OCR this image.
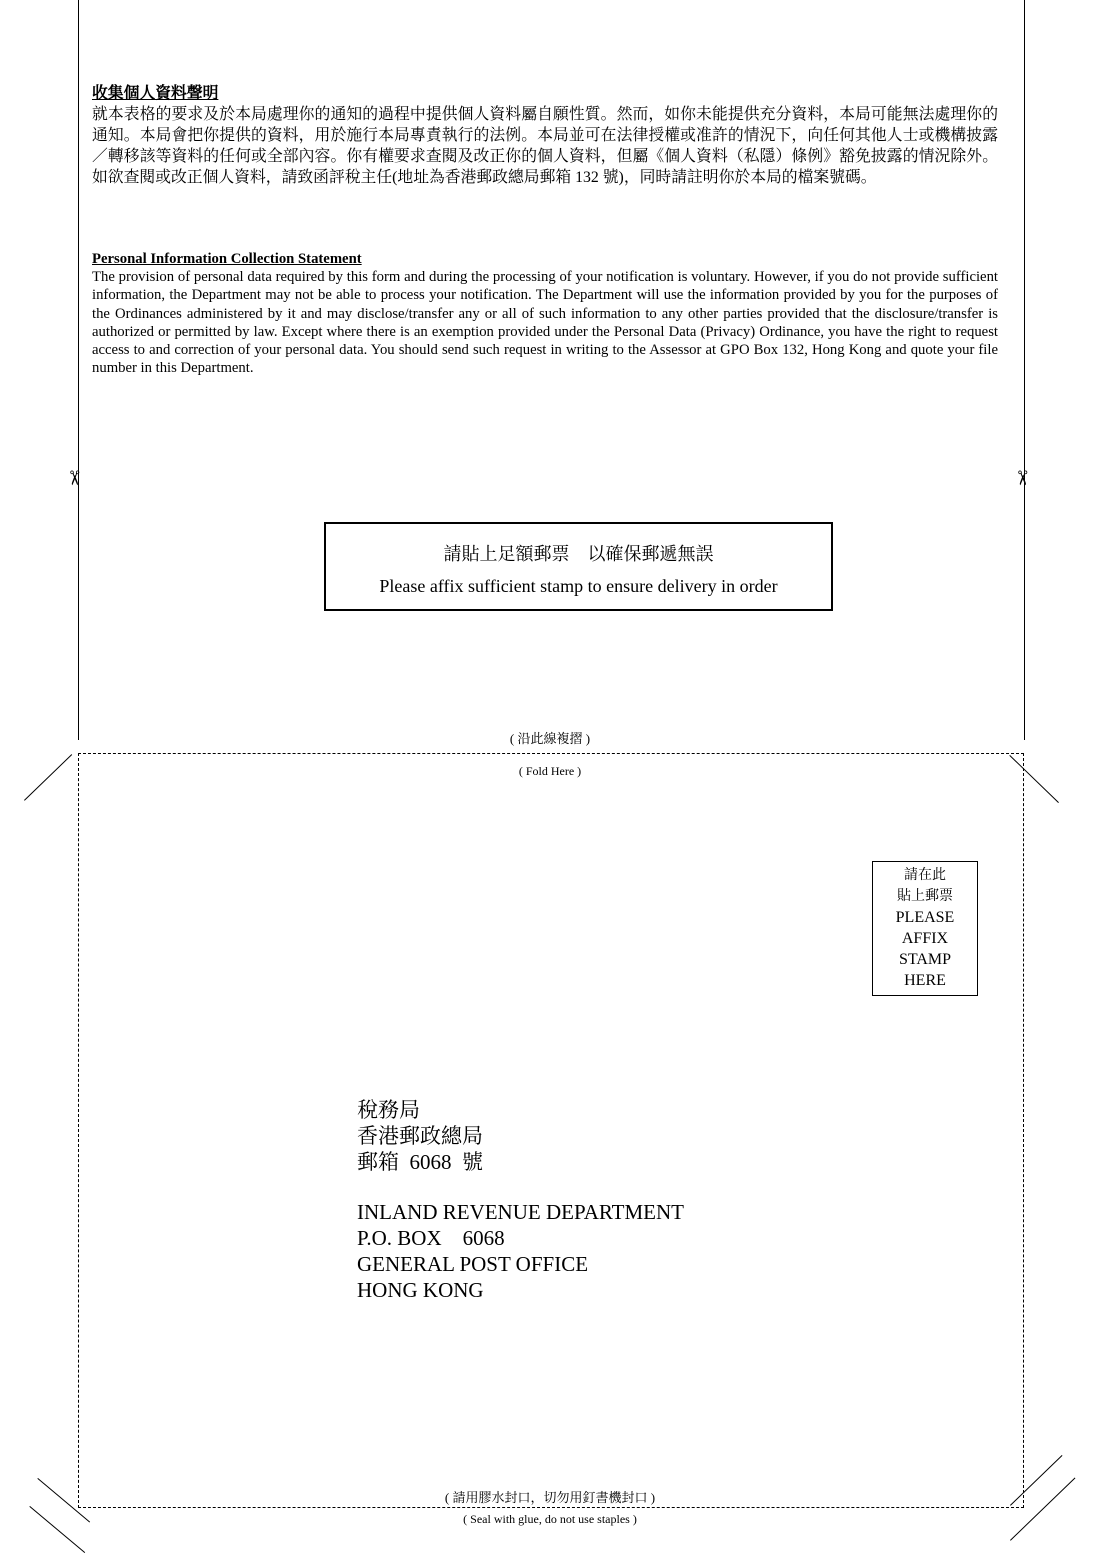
✂	✂
收集個人資料聲明
就本表格的要求及於本局處理你的通知的過程中提供個人資料屬自願性質。然而，如你未能提供充分資料，本局可能無法處理你的通知。本局會把你提供的資料，用於施行本局專責執行的法例。本局並可在法律授權或准許的情況下，向任何其他人士或機構披露／轉移該等資料的任何或全部內容。你有權要求查閱及改正你的個人資料，但屬《個人資料（私隱）條例》豁免披露的情況除外。如欲查閱或改正個人資料，請致函評稅主任(地址為香港郵政總局郵箱 132 號)，同時請註明你於本局的檔案號碼。
Personal Information Collection Statement
The provision of personal data required by this form and during the processing of your notification is voluntary. However, if you do not provide sufficient information, the Department may not be able to process your notification. The Department will use the information provided by you for the purposes of the Ordinances administered by it and may disclose/transfer any or all of such information to any other parties provided that the disclosure/transfer is authorized or permitted by law. Except where there is an exemption provided under the Personal Data (Privacy) Ordinance, you have the right to request access to and correction of your personal data. You should send such request in writing to the Assessor at GPO Box 132, Hong Kong and quote your file number in this Department.
請貼上足額郵票　以確保郵遞無誤
Please affix sufficient stamp to ensure delivery in order
( 沿此線複摺 )
( Fold Here )
請在此
貼上郵票
PLEASE
AFFIX
STAMP
HERE
稅務局
香港郵政總局
郵箱  6068  號
INLAND REVENUE DEPARTMENT
P.O. BOX    6068
GENERAL POST OFFICE
HONG KONG
( 請用膠水封口，切勿用釘書機封口 )
( Seal with glue, do not use staples )
